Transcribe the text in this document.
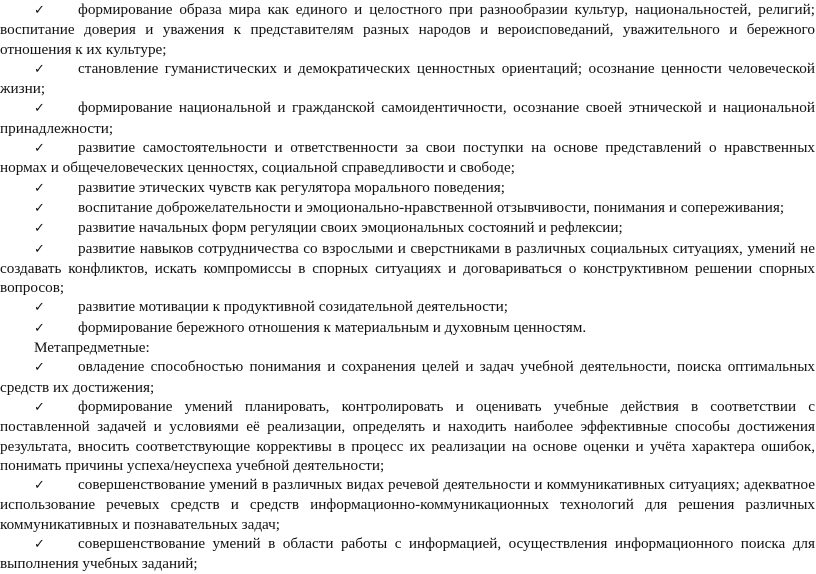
✓ формирование образа мира как единого и целостного при разнообразии культур, национальностей, религий; воспитание доверия и уважения к представителям разных народов и вероисповеданий, уважительного и бережного отношения к их культуре;

✓ становление гуманистических и демократических ценностных ориентаций; осознание ценности человеческой жизни;

✓ формирование национальной и гражданской самоидентичности, осознание своей этнической и национальной принадлежности;

✓ развитие самостоятельности и ответственности за свои поступки на основе представлений о нравственных нормах и общечеловеческих ценностях, социальной справедливости и свободе;

✓ развитие этических чувств как регулятора морального поведения;

✓ воспитание доброжелательности и эмоционально-нравственной отзывчивости, понимания и сопереживания;

✓ развитие начальных форм регуляции своих эмоциональных состояний и рефлексии;

✓ развитие навыков сотрудничества со взрослыми и сверстниками в различных социальных ситуациях, умений не создавать конфликтов, искать компромиссы в спорных ситуациях и договариваться о конструктивном решении спорных вопросов;

✓ развитие мотивации к продуктивной созидательной деятельности;

✓ формирование бережного отношения к материальным и духовным ценностям.

Метапредметные:

✓ овладение способностью понимания и сохранения целей и задач учебной деятельности, поиска оптимальных средств их достижения;

✓ формирование умений планировать, контролировать и оценивать учебные действия в соответствии с поставленной задачей и условиями её реализации, определять и находить наиболее эффективные способы достижения результата, вносить соответствующие коррективы в процесс их реализации на основе оценки и учёта характера ошибок, понимать причины успеха/неуспеха учебной деятельности;

✓ совершенствование умений в различных видах речевой деятельности и коммуникативных ситуациях; адекватное использование речевых средств и средств информационно-коммуникационных технологий для решения различных коммуникативных и познавательных задач;

✓ совершенствование умений в области работы с информацией, осуществления информационного поиска для выполнения учебных заданий;
